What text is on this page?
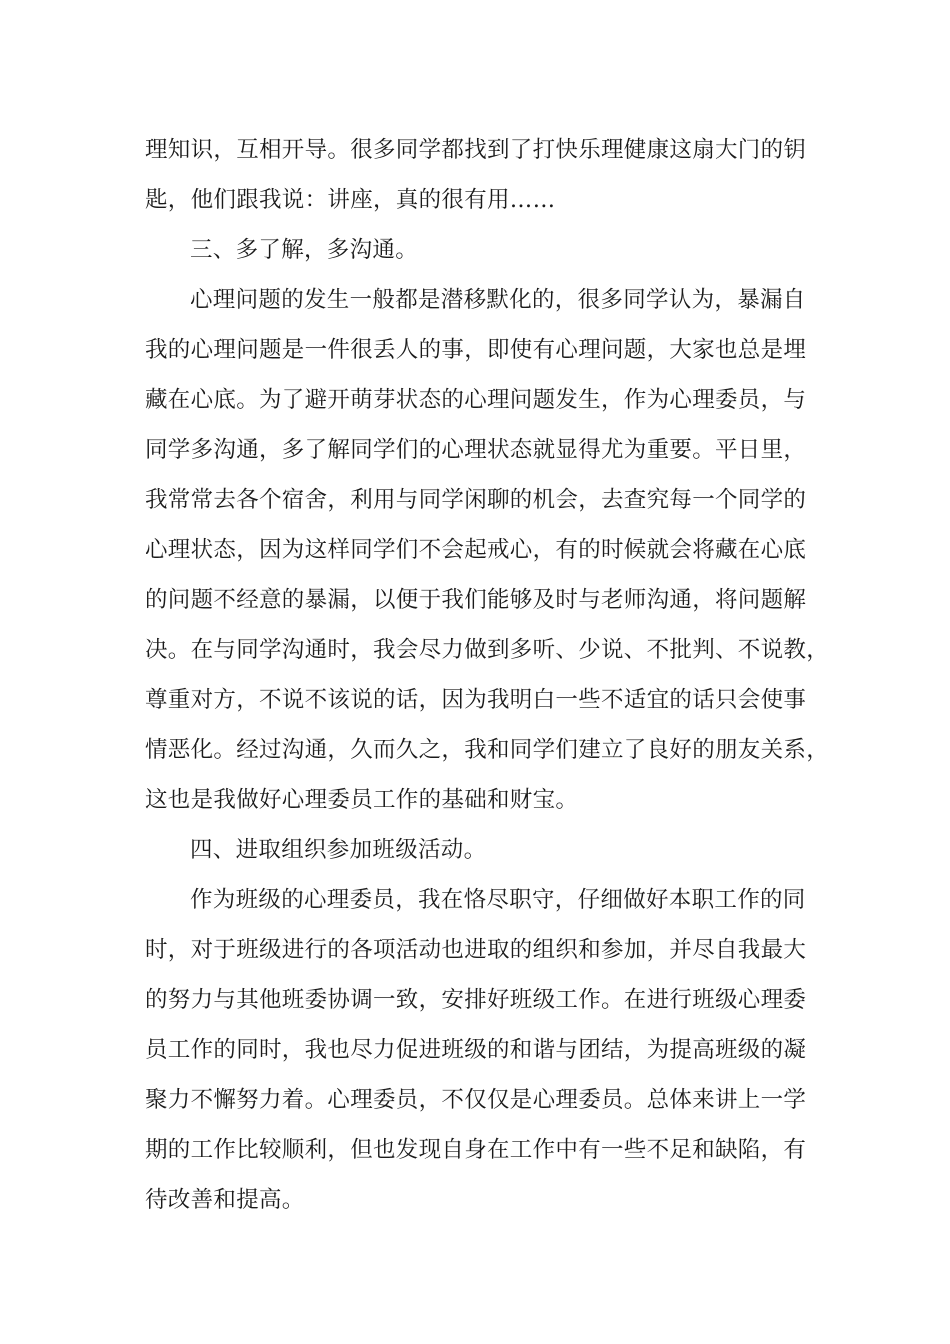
理知识，互相开导。很多同学都找到了打快乐理健康这扇大门的钥
匙，他们跟我说：讲座，真的很有用……
三、多了解，多沟通。
心理问题的发生一般都是潜移默化的，很多同学认为，暴漏自
我的心理问题是一件很丢人的事，即使有心理问题，大家也总是埋
藏在心底。为了避开萌芽状态的心理问题发生，作为心理委员，与
同学多沟通，多了解同学们的心理状态就显得尤为重要。平日里，
我常常去各个宿舍，利用与同学闲聊的机会，去查究每一个同学的
心理状态，因为这样同学们不会起戒心，有的时候就会将藏在心底
的问题不经意的暴漏，以便于我们能够及时与老师沟通，将问题解
决。在与同学沟通时，我会尽力做到多听、少说、不批判、不说教，
尊重对方，不说不该说的话，因为我明白一些不适宜的话只会使事
情恶化。经过沟通，久而久之，我和同学们建立了良好的朋友关系，
这也是我做好心理委员工作的基础和财宝。
四、进取组织参加班级活动。
作为班级的心理委员，我在恪尽职守，仔细做好本职工作的同
时，对于班级进行的各项活动也进取的组织和参加，并尽自我最大
的努力与其他班委协调一致，安排好班级工作。在进行班级心理委
员工作的同时，我也尽力促进班级的和谐与团结，为提高班级的凝
聚力不懈努力着。心理委员，不仅仅是心理委员。总体来讲上一学
期的工作比较顺利，但也发现自身在工作中有一些不足和缺陷，有
待改善和提高。
